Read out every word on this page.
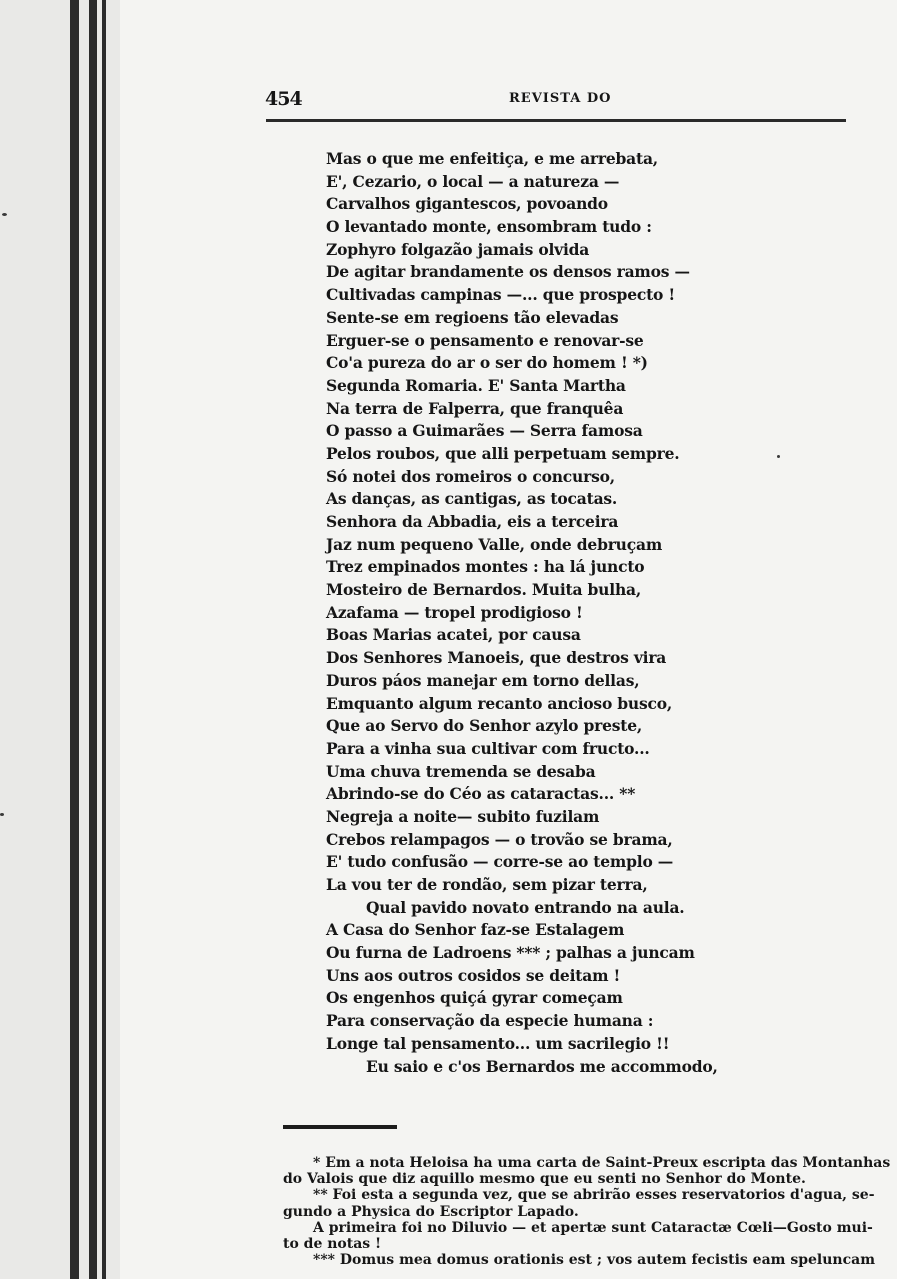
454	REVISTA DO
Mas o que me enfeitiça, e me arrebata,
E', Cezario, o local — a natureza —
Carvalhos gigantescos, povoando
O levantado monte, ensombram tudo :
Zophyro folgazão jamais olvida
De agitar brandamente os densos ramos —
Cultivadas campinas —... que prospecto !
Sente-se em regioens tão elevadas
Erguer-se o pensamento e renovar-se
Co'a pureza do ar o ser do homem ! *)
Segunda Romaria. E' Santa Martha
Na terra de Falperra, que franquêa
O passo a Guimarães — Serra famosa
Pelos roubos, que alli perpetuam sempre.
Só notei dos romeiros o concurso,
As danças, as cantigas, as tocatas.
Senhora da Abbadia, eis a terceira
Jaz num pequeno Valle, onde debruçam
Trez empinados montes : ha lá juncto
Mosteiro de Bernardos. Muita bulha,
Azafama — tropel prodigioso !
Boas Marias acatei, por causa
Dos Senhores Manoeis, que destros vira
Duros páos manejar em torno dellas,
Emquanto algum recanto ancioso busco,
Que ao Servo do Senhor azylo preste,
Para a vinha sua cultivar com fructo...
Uma chuva tremenda se desaba
Abrindo-se do Céo as cataractas... **
Negreja a noite— subito fuzilam
Crebos relampagos — o trovão se brama,
E' tudo confusão — corre-se ao templo —
La vou ter de rondão, sem pizar terra,
Qual pavido novato entrando na aula.
A Casa do Senhor faz-se Estalagem
Ou furna de Ladroens *** ; palhas a juncam
Uns aos outros cosidos se deitam !
Os engenhos quiçá gyrar começam
Para conservação da especie humana :
Longe tal pensamento... um sacrilegio !!
Eu saio e c'os Bernardos me accommodo,
* Em a nota Heloisa ha uma carta de Saint-Preux escripta das Montanhas
do Valois que diz aquillo mesmo que eu senti no Senhor do Monte.
** Foi esta a segunda vez, que se abrirão esses reservatorios d'agua, se-
gundo a Physica do Escriptor Lapado.
A primeira foi no Diluvio — et apertæ sunt Cataractæ Cœli—Gosto mui-
to de notas !
*** Domus mea domus orationis est ; vos autem fecistis eam speluncam
